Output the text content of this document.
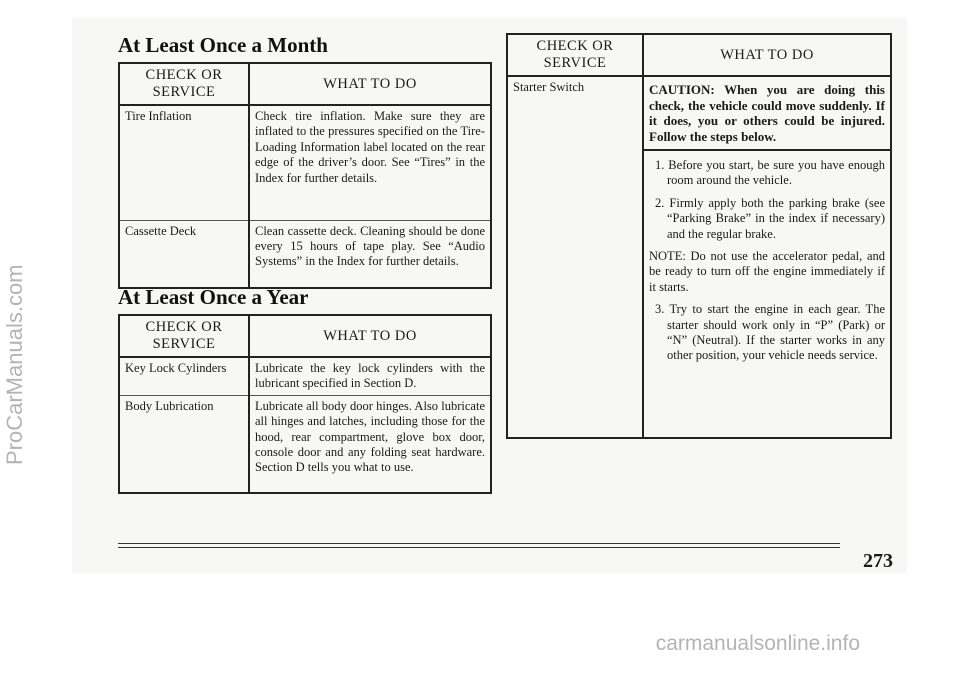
ProCarManuals.com
At Least Once a Month
CHECK OR SERVICE	WHAT TO DO
Tire Inflation	Check tire inflation. Make sure they are inflated to the pressures specified on the Tire-Loading Information label located on the rear edge of the driver’s door. See “Tires” in the Index for further details.
Cassette Deck	Clean cassette deck. Cleaning should be done every 15 hours of tape play. See “Audio Systems” in the Index for further details.
At Least Once a Year
CHECK OR SERVICE	WHAT TO DO
Key Lock Cylinders	Lubricate the key lock cylinders with the lubricant specified in Section D.
Body Lubrication	Lubricate all body door hinges. Also lubricate all hinges and latches, including those for the hood, rear compartment, glove box door, console door and any folding seat hardware. Section D tells you what to use.
CHECK OR SERVICE	WHAT TO DO
Starter Switch	CAUTION: When you are doing this check, the vehicle could move suddenly. If it does, you or others could be injured. Follow the steps below.
1. Before you start, be sure you have enough room around the vehicle.
2. Firmly apply both the parking brake (see “Parking Brake” in the index if necessary) and the regular brake.
NOTE: Do not use the accelerator pedal, and be ready to turn off the engine immediately if it starts.
3. Try to start the engine in each gear. The starter should work only in “P” (Park) or “N” (Neutral). If the starter works in any other position, your vehicle needs service.
273
carmanualsonline.info
